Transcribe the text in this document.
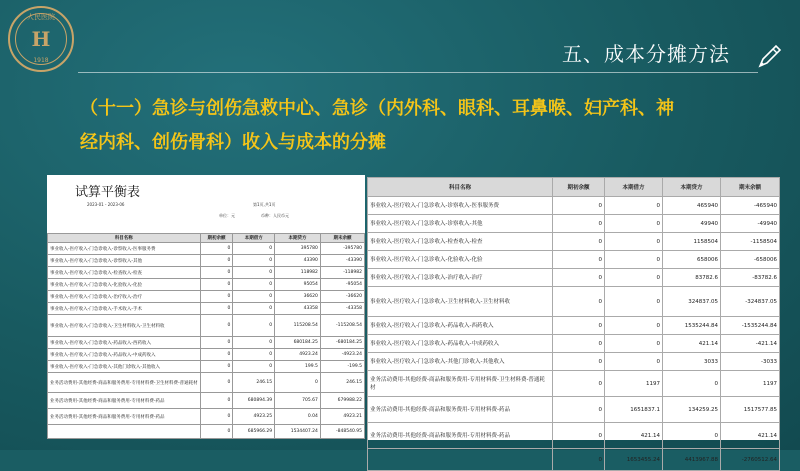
人民医院
H
1918	五、成本分摊方法
（十一）急诊与创伤急救中心、急诊（内外科、眼科、耳鼻喉、妇产科、神
经内科、创伤骨科）收入与成本的分摊
试算平衡表
2023-01 - 2023-06	第1页,共1页
单位：元	币种：人民币元
科目名称	期初余额	本期借方	本期贷方	期末余额
事业收入-医疗收入-门急诊收入-诊察收入-医事服务费	0	0	395780	-395780
事业收入-医疗收入-门急诊收入-诊察收入-其他	0	0	43390	-43390
事业收入-医疗收入-门急诊收入-检查收入-检查	0	0	118982	-118982
事业收入-医疗收入-门急诊收入-化验收入-化验	0	0	95054	-95054
事业收入-医疗收入-门急诊收入-治疗收入-治疗	0	0	36620	-36620
事业收入-医疗收入-门急诊收入-手术收入-手术	0	0	43358	-43358
事业收入-医疗收入-门急诊收入-卫生材料收入-卫生材料收	0	0	115208.54	-115208.54
事业收入-医疗收入-门急诊收入-药品收入-西药收入	0	0	680184.25	-680184.25
事业收入-医疗收入-门急诊收入-药品收入-中成药收入	0	0	4923.24	-4923.24
事业收入-医疗收入-门急诊收入-其他门诊收入-其他收入	0	0	199.5	-199.5
业务活动费用-其他经费-商品和服务费用-专用材料费-卫生材料费-普通耗材	0	246.15	0	246.15
业务活动费用-其他经费-商品和服务费用-专用材料费-药品	0	680894.39	705.67	679988.22
业务活动费用-其他经费-商品和服务费用-专用材料费-药品	0	4923.25	0.04	4923.21
	0	685966.29	1534407.24	-848540.95
科目名称	期初余额	本期借方	本期贷方	期末余额
事业收入-医疗收入-门急诊收入-诊察收入-医事服务费	0	0	465940	-465940
事业收入-医疗收入-门急诊收入-诊察收入-其他	0	0	49940	-49940
事业收入-医疗收入-门急诊收入-检查收入-检查	0	0	1158504	-1158504
事业收入-医疗收入-门急诊收入-化验收入-化验	0	0	658006	-658006
事业收入-医疗收入-门急诊收入-治疗收入-治疗	0	0	83782.6	-83782.6
事业收入-医疗收入-门急诊收入-卫生材料收入-卫生材料收	0	0	324837.05	-324837.05
事业收入-医疗收入-门急诊收入-药品收入-西药收入	0	0	1535244.84	-1535244.84
事业收入-医疗收入-门急诊收入-药品收入-中成药收入	0	0	421.14	-421.14
事业收入-医疗收入-门急诊收入-其他门诊收入-其他收入	0	0	3033	-3033
业务活动费用-其他经费-商品和服务费用-专用材料费-卫生材料费-普通耗材	0	1197	0	1197
业务活动费用-其他经费-商品和服务费用-专用材料费-药品	0	1651837.1	134259.25	1517577.85
业务活动费用-其他经费-商品和服务费用-专用材料费-药品	0	421.14	0	421.14
	0	1653455.24	4413967.88	-2760512.64
